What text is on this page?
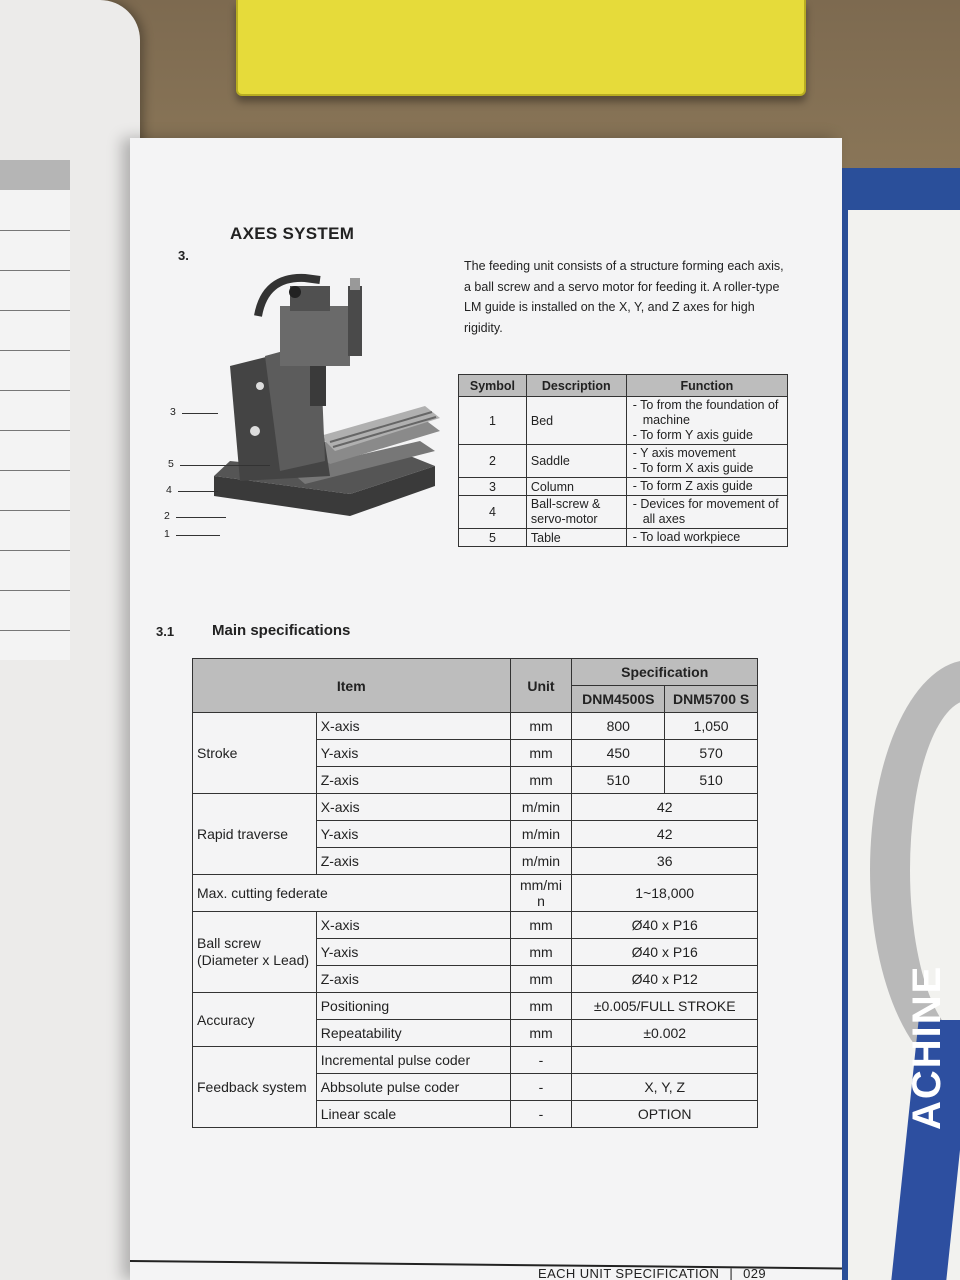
ACHINE
3.
AXES SYSTEM
The feeding unit consists of a structure forming each axis, a ball screw and a servo motor for feeding it. A roller-type LM guide is installed on the X, Y, and Z axes for high rigidity.
3
5
4
2
1
Symbol	Description	Function
1	Bed	- To from the foundation of machine
- To form Y axis guide

2	Saddle	- Y axis movement
- To form X axis guide

3	Column	- To form Z axis guide

4	Ball-screw & servo-motor	- Devices for movement of all axes

5	Table	- To load workpiece
3.1	Main specifications
Item		Unit	Specification	
			DNM4500S	DNM5700 S
Stroke	X-axis	mm	800	1,050
	Y-axis	mm	450	570
	Z-axis	mm	510	510
Rapid traverse	X-axis	m/min	42	
	Y-axis	m/min	42	
	Z-axis	m/min	36	
Max. cutting federate		mm/mi n	1~18,000	
Ball screw (Diameter x Lead)	X-axis	mm	Ø40 x P16	
	Y-axis	mm	Ø40 x P16	
	Z-axis	mm	Ø40 x P12	
Accuracy	Positioning	mm	±0.005/FULL STROKE	
	Repeatability	mm	±0.002	
Feedback system	Incremental pulse coder	-		
	Abbsolute pulse coder	-	X, Y, Z	
	Linear scale	-	OPTION	
EACH UNIT SPECIFICATION | 029
